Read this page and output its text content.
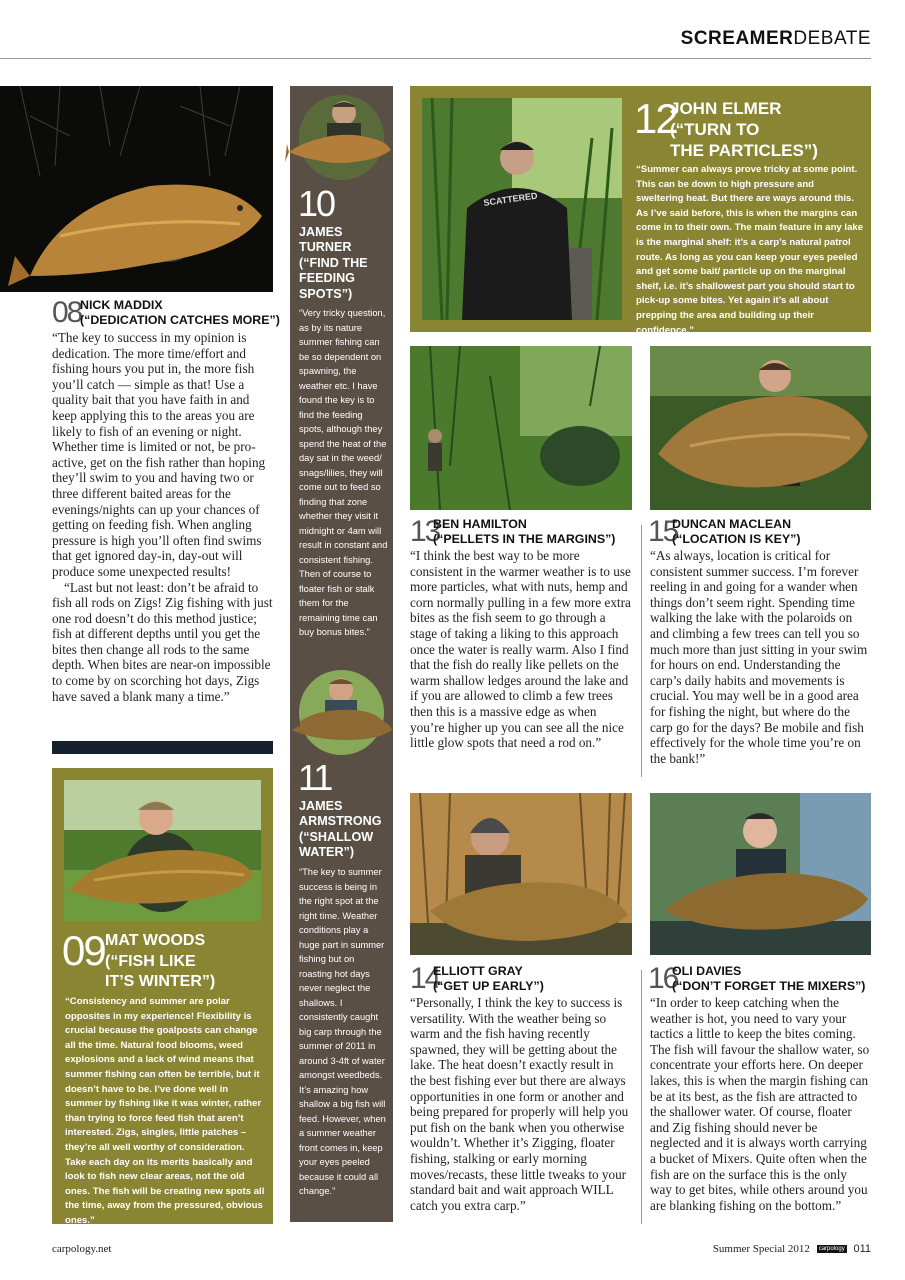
SCREAMERDEBATE
08
NICK MADDIX
(“DEDICATION CATCHES MORE”)

“The key to success in my opinion is dedication. The more time/effort and fishing hours you put in, the more fish you’ll catch — simple as that! Use a quality bait that you have faith in and keep applying this to the areas you are likely to fish of an evening or night. Whether time is limited or not, be pro-active, get on the fish rather than hoping they’ll swim to you and having two or three different baited areas for the evenings/nights can up your chances of getting on feeding fish. When angling pressure is high you’ll often find swims that get ignored day-in, day-out will produce some unexpected results!

“Last but not least: don’t be afraid to fish all rods on Zigs! Zig fishing with just one rod doesn’t do this method justice; fish at different depths until you get the bites then change all rods to the same depth. When bites are near-on impossible to come by on scorching hot days, Zigs have saved a blank many a time.”

09 MAT WOODS
(“FISH LIKE
IT’S WINTER”)

“Consistency and summer are polar opposites in my experience! Flexibility is crucial because the goalposts can change all the time. Natural food blooms, weed explosions and a lack of wind means that summer fishing can often be terrible, but it doesn’t have to be. I’ve done well in summer by fishing like it was winter, rather than trying to force feed fish that aren’t interested. Zigs, singles, little patches – they’re all well worthy of consideration. Take each day on its merits basically and look to fish new clear areas, not the old ones. The fish will be creating new spots all the time, away from the pressured, obvious ones.”

10
JAMES
TURNER
(“FIND THE
FEEDING
SPOTS”)

“Very tricky question, as by its nature summer fishing can be so dependent on spawning, the weather etc. I have found the key is to find the feeding spots, although they spend the heat of the day sat in the weed/ snags/lilies, they will come out to feed so finding that zone whether they visit it midnight or 4am will result in constant and consistent fishing. Then of course to floater fish or stalk them for the remaining time can buy bonus bites.”

11
JAMES
ARMSTRONG
(“SHALLOW
WATER”)

“The key to summer success is being in the right spot at the right time. Weather conditions play a huge part in summer fishing but on roasting hot days never neglect the shallows. I consistently caught big carp through the summer of 2011 in around 3-4ft of water amongst weedbeds. It’s amazing how shallow a big fish will feed. However, when a summer weather front comes in, keep your eyes peeled because it could all change.”

SCATTERED
12
JOHN ELMER
(“TURN TO
THE PARTICLES”)

“Summer can always prove tricky at some point. This can be down to high pressure and sweltering heat. But there are ways around this. As I’ve said before, this is when the margins can come in to their own. The main feature in any lake is the marginal shelf: it’s a carp’s natural patrol route. As long as you can keep your eyes peeled and get some bait/ particle up on the marginal shelf, i.e. it’s shallowest part you should start to pick-up some bites. Yet again it’s all about prepping the area and building up their confidence.”

13
BEN HAMILTON
(“PELLETS IN THE MARGINS”)

“I think the best way to be more consistent in the warmer weather is to use more particles, what with nuts, hemp and corn normally pulling in a few more extra bites as the fish seem to go through a stage of taking a liking to this approach once the water is really warm. Also I find that the fish do really like pellets on the warm shallow ledges around the lake and if you are allowed to climb a few trees then this is a massive edge as when you’re higher up you can see all the nice little glow spots that need a rod on.”

15
DUNCAN MACLEAN
(“LOCATION IS KEY”)

“As always, location is critical for consistent summer success. I’m forever reeling in and going for a wander when things don’t seem right. Spending time walking the lake with the polaroids on and climbing a few trees can tell you so much more than just sitting in your swim for hours on end. Understanding the carp’s daily habits and movements is crucial. You may well be in a good area for fishing the night, but where do the carp go for the days? Be mobile and fish effectively for the whole time you’re on the bank!”

14
ELLIOTT GRAY
(“GET UP EARLY”)

“Personally, I think the key to success is versatility. With the weather being so warm and the fish having recently spawned, they will be getting about the lake. The heat doesn’t exactly result in the best fishing ever but there are always opportunities in one form or another and being prepared for properly will help you put fish on the bank when you otherwise wouldn’t. Whether it’s Zigging, floater fishing, stalking or early morning moves/recasts, these little tweaks to your standard bait and wait approach WILL catch you extra carp.”

16
OLI DAVIES
(“DON’T FORGET THE MIXERS”)

“In order to keep catching when the weather is hot, you need to vary your tactics a little to keep the bites coming. The fish will favour the shallow water, so concentrate your efforts here. On deeper lakes, this is when the margin fishing can be at its best, as the fish are attracted to the shallower water. Of course, floater and Zig fishing should never be neglected and it is always worth carrying a bucket of Mixers. Quite often when the fish are on the surface this is the only way to get bites, while others around you are blanking fishing on the bottom.”

carpology.net	Summer Special 2012 carpology 011
